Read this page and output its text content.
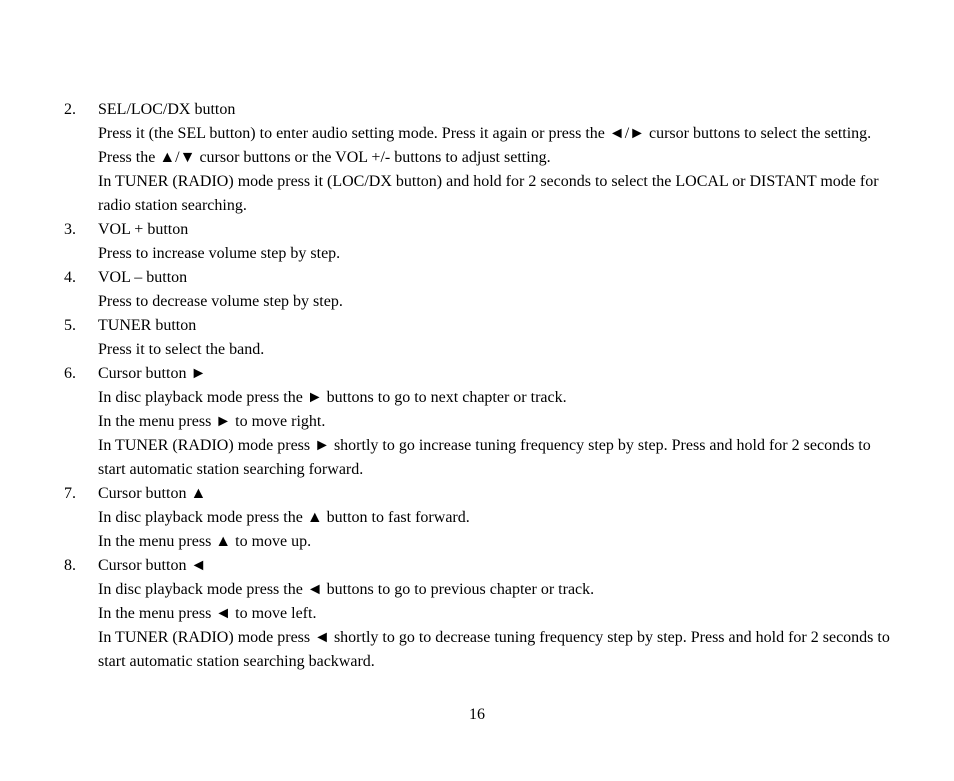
2.	SEL/LOC/DX button
Press it (the SEL button) to enter audio setting mode. Press it again or press the ◄/► cursor buttons to select the setting. Press the ▲/▼ cursor buttons or the VOL +/- buttons to adjust setting.
In TUNER (RADIO) mode press it (LOC/DX button) and hold for 2 seconds to select the LOCAL or DISTANT mode for radio station searching.
3.	VOL + button
Press to increase volume step by step.
4.	VOL – button
Press to decrease volume step by step.
5.	TUNER button
Press it to select the band.
6.	Cursor button ►
In disc playback mode press the ► buttons to go to next chapter or track.
In the menu press ► to move right.
In TUNER (RADIO) mode press ► shortly to go increase tuning frequency step by step. Press and hold for 2 seconds to start automatic station searching forward.
7.	Cursor button ▲
In disc playback mode press the ▲ button to fast forward.
In the menu press ▲ to move up.
8.	Cursor button ◄
In disc playback mode press the ◄ buttons to go to previous chapter or track.
In the menu press ◄ to move left.
In TUNER (RADIO) mode press ◄ shortly to go to decrease tuning frequency step by step. Press and hold for 2 seconds to start automatic station searching backward.
16
